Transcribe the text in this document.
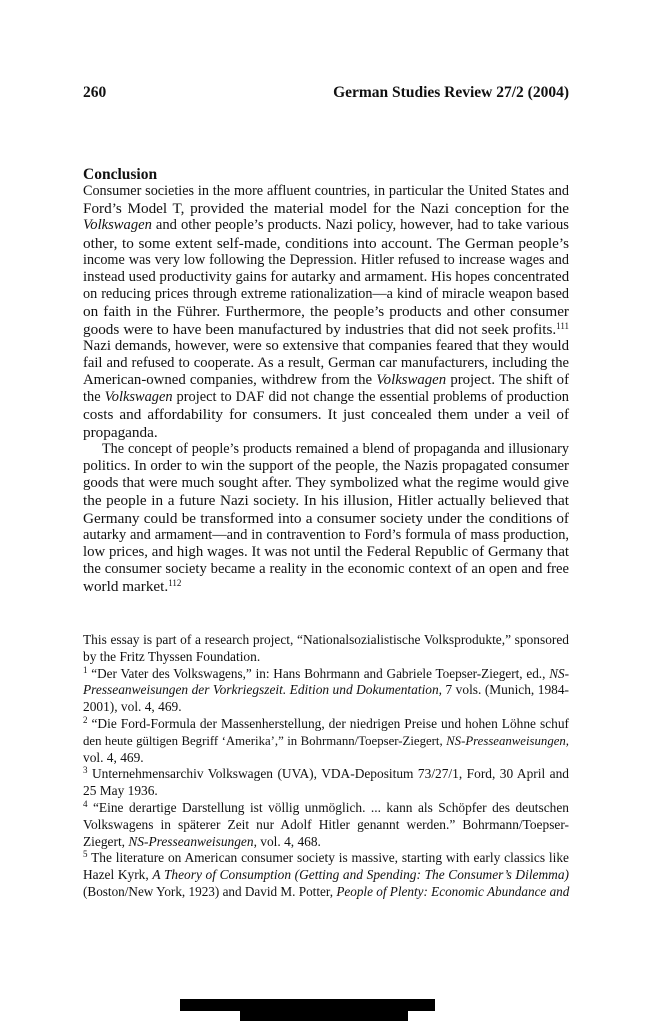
260	German Studies Review 27/2 (2004)
Conclusion
Consumer societies in the more affluent countries, in particular the United States and
Ford’s Model T, provided the material model for the Nazi conception for the
Volkswagen and other people’s products. Nazi policy, however, had to take various
other, to some extent self-made, conditions into account. The German people’s
income was very low following the Depression. Hitler refused to increase wages and
instead used productivity gains for autarky and armament. His hopes concentrated
on reducing prices through extreme rationalization—a kind of miracle weapon based
on faith in the Führer. Furthermore, the people’s products and other consumer
goods were to have been manufactured by industries that did not seek profits.$^{111}$
Nazi demands, however, were so extensive that companies feared that they would
fail and refused to cooperate. As a result, German car manufacturers, including the
American-owned companies, withdrew from the Volkswagen project. The shift of
the Volkswagen project to DAF did not change the essential problems of production
costs and affordability for consumers. It just concealed them under a veil of
propaganda.
The concept of people’s products remained a blend of propaganda and illusionary
politics. In order to win the support of the people, the Nazis propagated consumer
goods that were much sought after. They symbolized what the regime would give
the people in a future Nazi society. In his illusion, Hitler actually believed that
Germany could be transformed into a consumer society under the conditions of
autarky and armament—and in contravention to Ford’s formula of mass production,
low prices, and high wages. It was not until the Federal Republic of Germany that
the consumer society became a reality in the economic context of an open and free
world market.$^{112}$
This essay is part of a research project, “Nationalsozialistische Volksprodukte,” sponsored
by the Fritz Thyssen Foundation.
$^1$ “Der Vater des Volkswagens,” in: Hans Bohrmann and Gabriele Toepser-Ziegert, ed., NS-
Presseanweisungen der Vorkriegszeit. Edition und Dokumentation, 7 vols. (Munich, 1984-
2001), vol. 4, 469.
$^2$ “Die Ford-Formula der Massenherstellung, der niedrigen Preise und hohen Löhne schuf
den heute gültigen Begriff ‘Amerika’,” in Bohrmann/Toepser-Ziegert, NS-Presseanweisungen,
vol. 4, 469.
$^3$ Unternehmensarchiv Volkswagen (UVA), VDA-Depositum 73/27/1, Ford, 30 April and
25 May 1936.
$^4$ “Eine derartige Darstellung ist völlig unmöglich. ... kann als Schöpfer des deutschen
Volkswagens in späterer Zeit nur Adolf Hitler genannt werden.” Bohrmann/Toepser-
Ziegert, NS-Presseanweisungen, vol. 4, 468.
$^5$ The literature on American consumer society is massive, starting with early classics like
Hazel Kyrk, A Theory of Consumption (Getting and Spending: The Consumer’s Dilemma)
(Boston/New York, 1923) and David M. Potter, People of Plenty: Economic Abundance and
